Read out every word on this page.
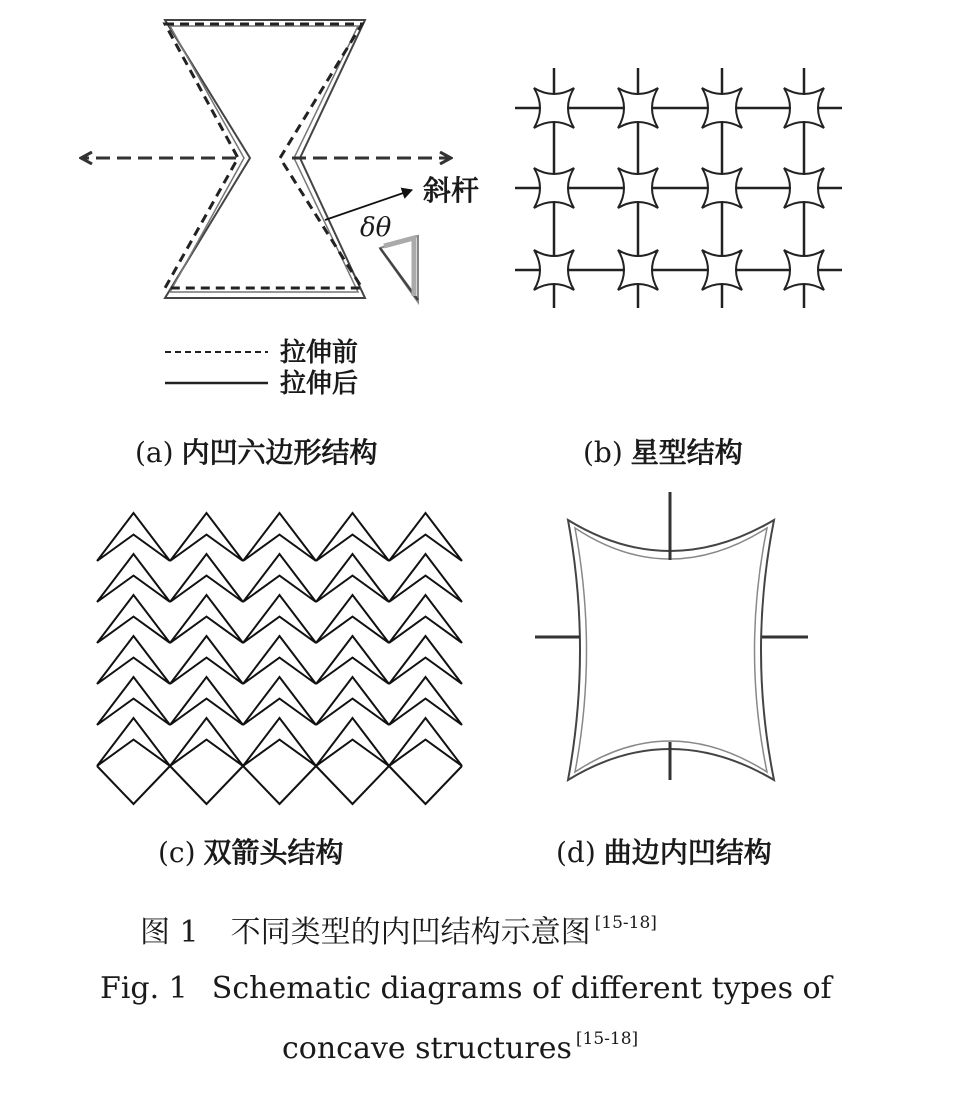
斜杆
δθ
拉伸前
拉伸后
(a) 内凹六边形结构	(b) 星型结构
(c) 双箭头结构	(d) 曲边内凹结构
图 1 不同类型的内凹结构示意图 [15-18]
Fig. 1 Schematic diagrams of different types of
concave structures [15-18]
